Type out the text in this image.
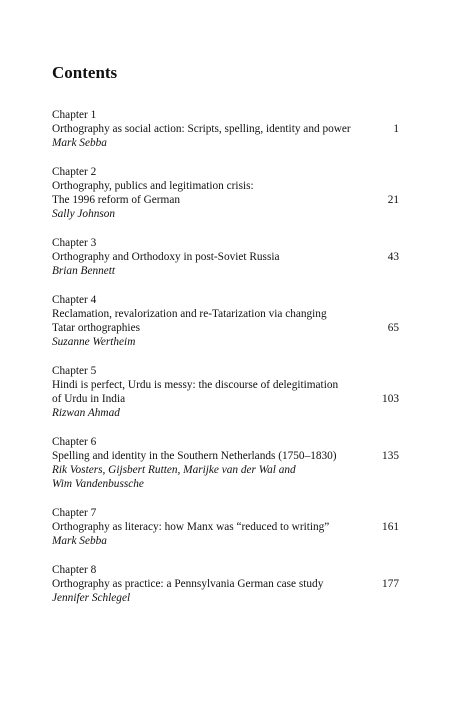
Contents
Chapter 1
Orthography as social action: Scripts, spelling, identity and power
Mark Sebba
1
Chapter 2
Orthography, publics and legitimation crisis:
The 1996 reform of German
Sally Johnson
21
Chapter 3
Orthography and Orthodoxy in post-Soviet Russia
Brian Bennett
43
Chapter 4
Reclamation, revalorization and re-Tatarization via changing
Tatar orthographies
Suzanne Wertheim
65
Chapter 5
Hindi is perfect, Urdu is messy: the discourse of delegitimation
of Urdu in India
Rizwan Ahmad
103
Chapter 6
Spelling and identity in the Southern Netherlands (1750–1830)
Rik Vosters, Gijsbert Rutten, Marijke van der Wal and
Wim Vandenbussche
135
Chapter 7
Orthography as literacy: how Manx was “reduced to writing”
Mark Sebba
161
Chapter 8
Orthography as practice: a Pennsylvania German case study
Jennifer Schlegel
177
